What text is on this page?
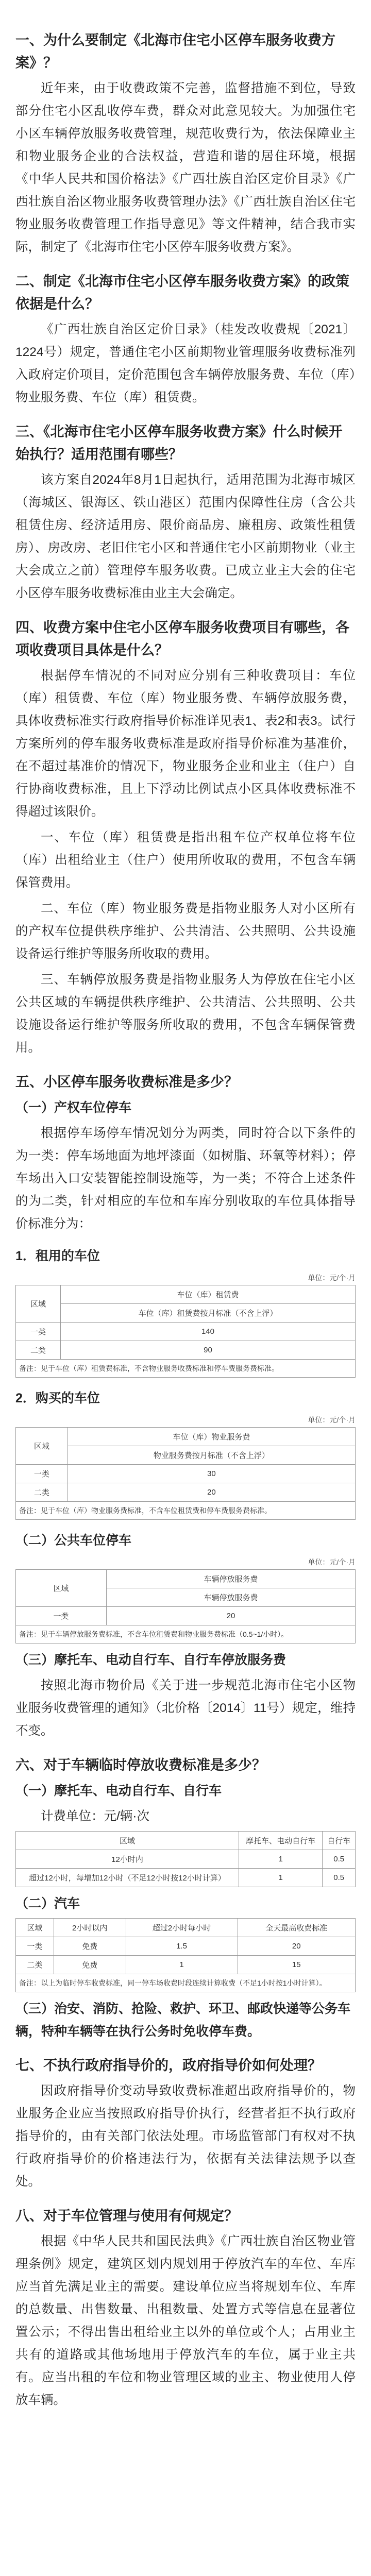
一、为什么要制定《北海市住宅小区停车服务收费方案》？
近年来，由于收费政策不完善，监督措施不到位，导致部分住宅小区乱收停车费，群众对此意见较大。为加强住宅小区车辆停放服务收费管理，规范收费行为，依法保障业主和物业服务企业的合法权益，营造和谐的居住环境，根据《中华人民共和国价格法》《广西壮族自治区定价目录》《广西壮族自治区物业服务收费管理办法》《广西壮族自治区住宅物业服务收费管理工作指导意见》等文件精神，结合我市实际，制定了《北海市住宅小区停车服务收费方案》。
二、制定《北海市住宅小区停车服务收费方案》的政策依据是什么？
《广西壮族自治区定价目录》（桂发改收费规〔2021〕1224号）规定，普通住宅小区前期物业管理服务收费标准列入政府定价项目，定价范围包含车辆停放服务费、车位（库）物业服务费、车位（库）租赁费。
三、《北海市住宅小区停车服务收费方案》什么时候开始执行？适用范围有哪些？
该方案自2024年8月1日起执行，适用范围为北海市城区（海城区、银海区、铁山港区）范围内保障性住房（含公共租赁住房、经济适用房、限价商品房、廉租房、政策性租赁房）、房改房、老旧住宅小区和普通住宅小区前期物业（业主大会成立之前）管理停车服务收费。已成立业主大会的住宅小区停车服务收费标准由业主大会确定。
四、收费方案中住宅小区停车服务收费项目有哪些，各项收费项目具体是什么？
根据停车情况的不同对应分别有三种收费项目：车位（库）租赁费、车位（库）物业服务费、车辆停放服务费，具体收费标准实行政府指导价标准详见表1、表2和表3。试行方案所列的停车服务收费标准是政府指导价标准为基准价，在不超过基准价的情况下，物业服务企业和业主（住户）自行协商收费标准，且上下浮动比例试点小区具体收费标准不得超过该限价。
一、车位（库）租赁费是指出租车位产权单位将车位（库）出租给业主（住户）使用所收取的费用，不包含车辆保管费用。
二、车位（库）物业服务费是指物业服务人对小区所有的产权车位提供秩序维护、公共清洁、公共照明、公共设施设备运行维护等服务所收取的费用。
三、车辆停放服务费是指物业服务人为停放在住宅小区公共区域的车辆提供秩序维护、公共清洁、公共照明、公共设施设备运行维护等服务所收取的费用，不包含车辆保管费用。
五、小区停车服务收费标准是多少？
（一）产权车位停车
根据停车场停车情况划分为两类，同时符合以下条件的为一类：停车场地面为地坪漆面（如树脂、环氧等材料）；停车场出入口安装智能控制设施等，为一类；不符合上述条件的为二类，针对相应的车位和车库分别收取的车位具体指导价标准分为：
1．租用的车位
单位：元/个·月
区域	车位（库）租赁费
	车位（库）租赁费按月标准（不含上浮）
一类	140
二类	90
备注：见于车位（库）租赁费标准，不含物业服务收费标准和停车费服务费标准。	
2．购买的车位
单位：元/个·月
区域	车位（库）物业服务费
	物业服务费按月标准（不含上浮）
一类	30
二类	20
备注：见于车位（库）物业服务费标准，不含车位租赁费和停车费服务费标准。	
（二）公共车位停车
单位：元/个·月
区域	车辆停放服务费
	车辆停放服务费
一类	20
备注：见于车辆停放服务费标准，不含车位租赁费和物业服务费标准（0.5~1/小时）。	
（三）摩托车、电动自行车、自行车停放服务费
按照北海市物价局《关于进一步规范北海市住宅小区物业服务收费管理的通知》（北价格〔2014〕11号）规定，维持不变。
六、对于车辆临时停放收费标准是多少？
（一）摩托车、电动自行车、自行车
计费单位：元/辆·次
区域	摩托车、电动自行车	自行车
12小时内	1	0.5
超过12小时，每增加12小时（不足12小时按12小时计算）	1	0.5
（二）汽车
区域	2小时以内	超过2小时每小时	全天最高收费标准
一类	免费	1.5	20
二类	免费	1	15
备注：以上为临时停车收费标准，同一停车场收费时段连续计算收费（不足1小时按1小时计算）。			
（三）治安、消防、抢险、救护、环卫、邮政快递等公务车辆，特种车辆等在执行公务时免收停车费。
七、不执行政府指导价的，政府指导价如何处理？
因政府指导价变动导致收费标准超出政府指导价的，物业服务企业应当按照政府指导价执行，经营者拒不执行政府指导价的，由有关部门依法处理。市场监管部门有权对不执行政府指导价的价格违法行为，依据有关法律法规予以查处。
八、对于车位管理与使用有何规定？
根据《中华人民共和国民法典》《广西壮族自治区物业管理条例》规定，建筑区划内规划用于停放汽车的车位、车库应当首先满足业主的需要。建设单位应当将规划车位、车库的总数量、出售数量、出租数量、处置方式等信息在显著位置公示；不得出售出租给业主以外的单位或个人；占用业主共有的道路或其他场地用于停放汽车的车位，属于业主共有。应当出租的车位和物业管理区域的业主、物业使用人停放车辆。
